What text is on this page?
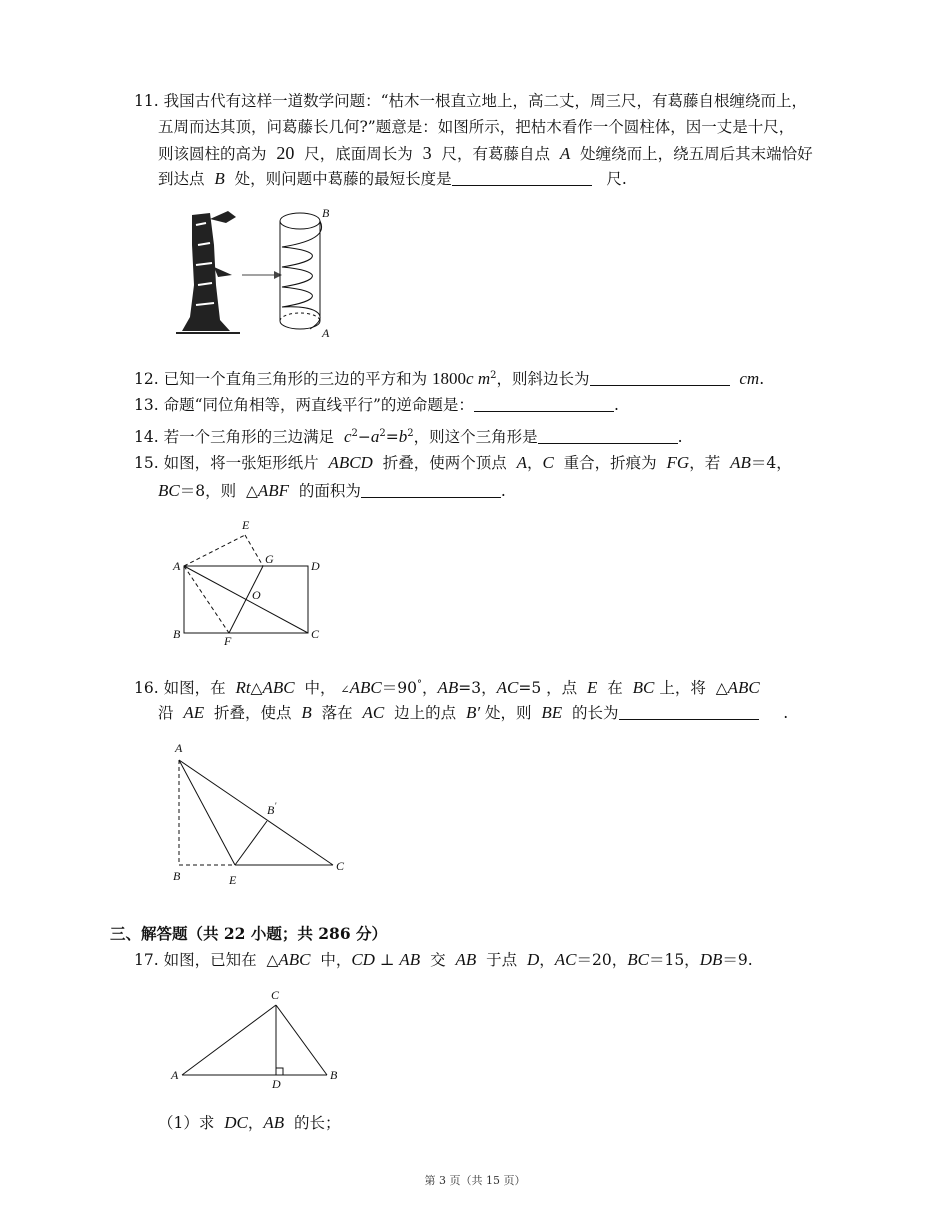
11. 我国古代有这样一道数学问题：“枯木一根直立地上，高二丈，周三尺，有葛藤自根缠绕而上，
五周而达其顶，问葛藤长几何?”题意是：如图所示，把枯木看作一个圆柱体，因一丈是十尺，
则该圆柱的高为 20 尺，底面周长为 3 尺，有葛藤自点 A 处缠绕而上，绕五周后其末端恰好
到达点 B 处，则问题中葛藤的最短长度是	尺.
B
A
12. 已知一个直角三角形的三边的平方和为 1800c $m^2$，则斜边长为	cm.
13. 命题“同位角相等，两直线平行”的逆命题是：	.
14. 若一个三角形的三边满足 $c^2-a^2=b^2$，则这个三角形是	.
15. 如图，将一张矩形纸片 ABCD 折叠，使两个顶点 A，C 重合，折痕为 FG，若 AB＝4，
BC＝8，则 △ABF 的面积为	.
E
A	G	D
O
B	F	C
16. 如图，在 Rt△ABC 中， ∠ABC＝90°，AB=3，AC=5 ，点 E 在 BC 上，将 △ABC
沿 AE 折叠，使点 B 落在 AC 边上的点 B′ 处，则 BE 的长为	.
A
B'
B	E
C
三、解答题（共 22 小题；共 286 分）
17. 如图，已知在 △ABC 中，CD ⊥ AB 交 AB 于点 D，AC＝20，BC＝15，DB＝9.
C
A
D
B
（1）求 DC，AB 的长；
第 3 页（共 15 页）
